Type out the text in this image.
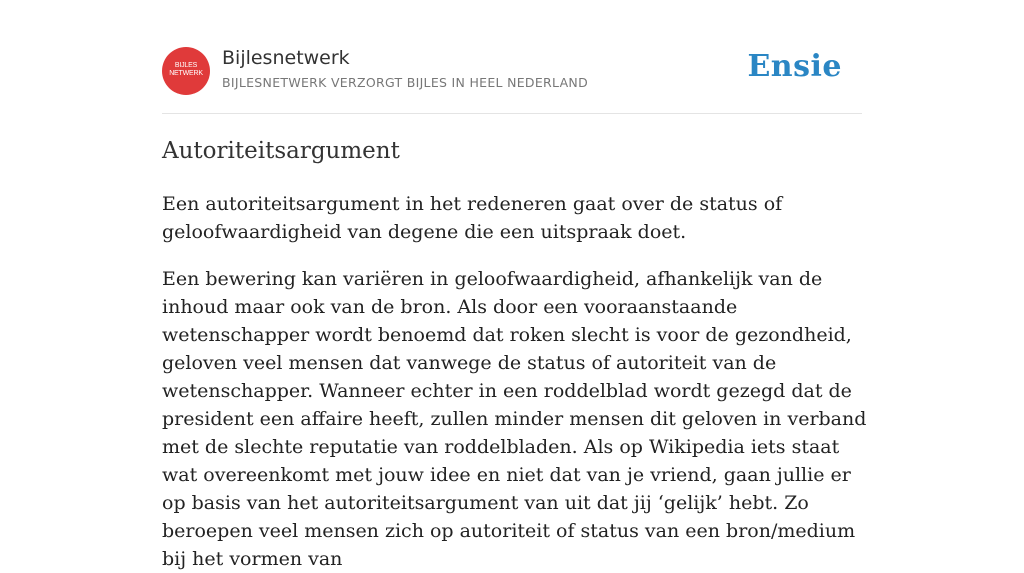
BIJLES
NETWERK
Bijlesnetwerk
BIJLESNETWERK VERZORGT BIJLES IN HEEL NEDERLAND	Ensie
Autoriteitsargument

Een autoriteitsargument in het redeneren gaat over de status of geloofwaardigheid van degene die een uitspraak doet.

Een bewering kan variëren in geloofwaardigheid, afhankelijk van de inhoud maar ook van de bron. Als door een vooraanstaande wetenschapper wordt benoemd dat roken slecht is voor de gezondheid, geloven veel mensen dat vanwege de status of autoriteit van de wetenschapper. Wanneer echter in een roddelblad wordt gezegd dat de president een affaire heeft, zullen minder mensen dit geloven in verband met de slechte reputatie van roddelbladen. Als op Wikipedia iets staat wat overeenkomt met jouw idee en niet dat van je vriend, gaan jullie er op basis van het autoriteitsargument van uit dat jij ‘gelijk’ hebt. Zo beroepen veel mensen zich op autoriteit of status van een bron/medium bij het vormen van
